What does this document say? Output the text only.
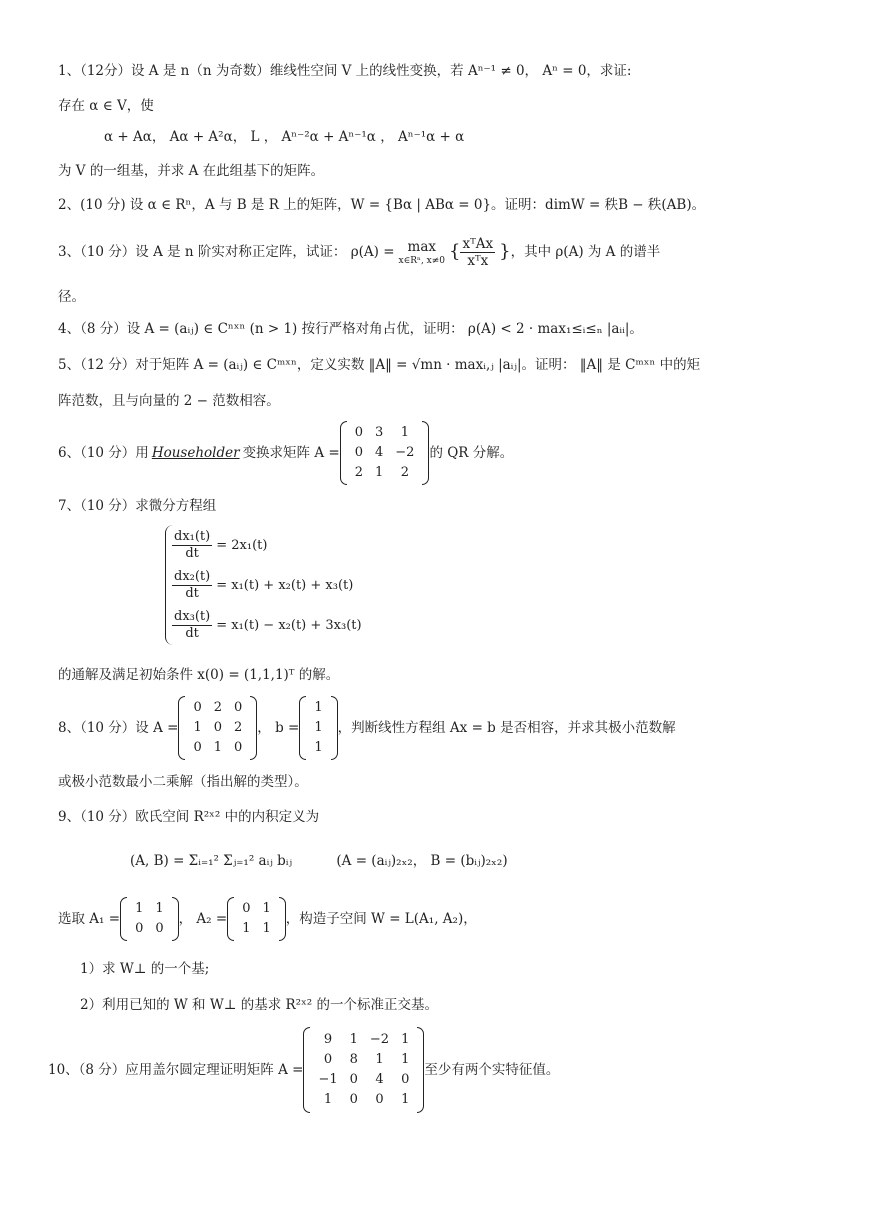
1、（12分）设 A 是 n（n 为奇数）维线性空间 V 上的线性变换，若 Aⁿ⁻¹ ≠ 0， Aⁿ = 0，求证:
存在 α ∈ V，使
α + Aα， Aα + A²α， L ， Aⁿ⁻²α + Aⁿ⁻¹α ， Aⁿ⁻¹α + α
为 V 的一组基，并求 A 在此组基下的矩阵。
2、(10 分) 设 α ∈ Rⁿ，A 与 B 是 R 上的矩阵，W = {Bα | ABα = 0}。证明：dimW = 秩B − 秩(AB)。
3、（10 分）设 A 是 n 阶实对称正定阵，试证： ρ(A) = max
x∈Rⁿ, x≠0 { $\frac{\text{xᵀAx}}{\text{xᵀx}}$ } ，其中 ρ(A) 为 A 的谱半
径。
4、（8 分）设 A = (aᵢⱼ) ∈ Cⁿˣⁿ (n > 1) 按行严格对角占优，证明： ρ(A) < 2 · max₁≤ᵢ≤ₙ |aᵢᵢ|。
5、（12 分）对于矩阵 A = (aᵢⱼ) ∈ Cᵐˣⁿ，定义实数 ‖A‖ = √mn · maxᵢ,ⱼ |aᵢⱼ|。证明： ‖A‖ 是 Cᵐˣⁿ 中的矩
阵范数，且与向量的 2 − 范数相容。
6、（10 分）用 Householder 变换求矩阵 A =
0	3	1
0	4	−2
2	1	2
的 QR 分解。
7、（10 分）求微分方程组
$\frac{\text{dx₁(t)}}{dt} = 2x_1(t)$
$\frac{\text{dx₂(t)}}{dt} = x_1(t) + x_2(t) + x_3(t)$
$\frac{\text{dx₃(t)}}{dt} = x_1(t) - x_2(t) + 3x_3(t)$
的通解及满足初始条件 x(0) = (1,1,1)ᵀ 的解。
8、（10 分）设 A =
0	2	0
1	0	2
0	1	0
， b =
1
1
1
，判断线性方程组 Ax = b 是否相容，并求其极小范数解
或极小范数最小二乘解（指出解的类型）。
9、（10 分）欧氏空间 R²ˣ² 中的内积定义为
(A, B) = Σᵢ₌₁² Σⱼ₌₁² aᵢⱼ bᵢⱼ	(A = (aᵢⱼ)₂ₓ₂， B = (bᵢⱼ)₂ₓ₂)
选取 A₁ =
1	1
0	0
， A₂ =
0	1
1	1
，构造子空间 W = L(A₁, A₂)，
1）求 W⊥ 的一个基;
2）利用已知的 W 和 W⊥ 的基求 R²ˣ² 的一个标准正交基。
10、（8 分）应用盖尔圆定理证明矩阵 A =
9	1	−2	1
0	8	1	1
−1	0	4	0
1	0	0	1
至少有两个实特征值。
